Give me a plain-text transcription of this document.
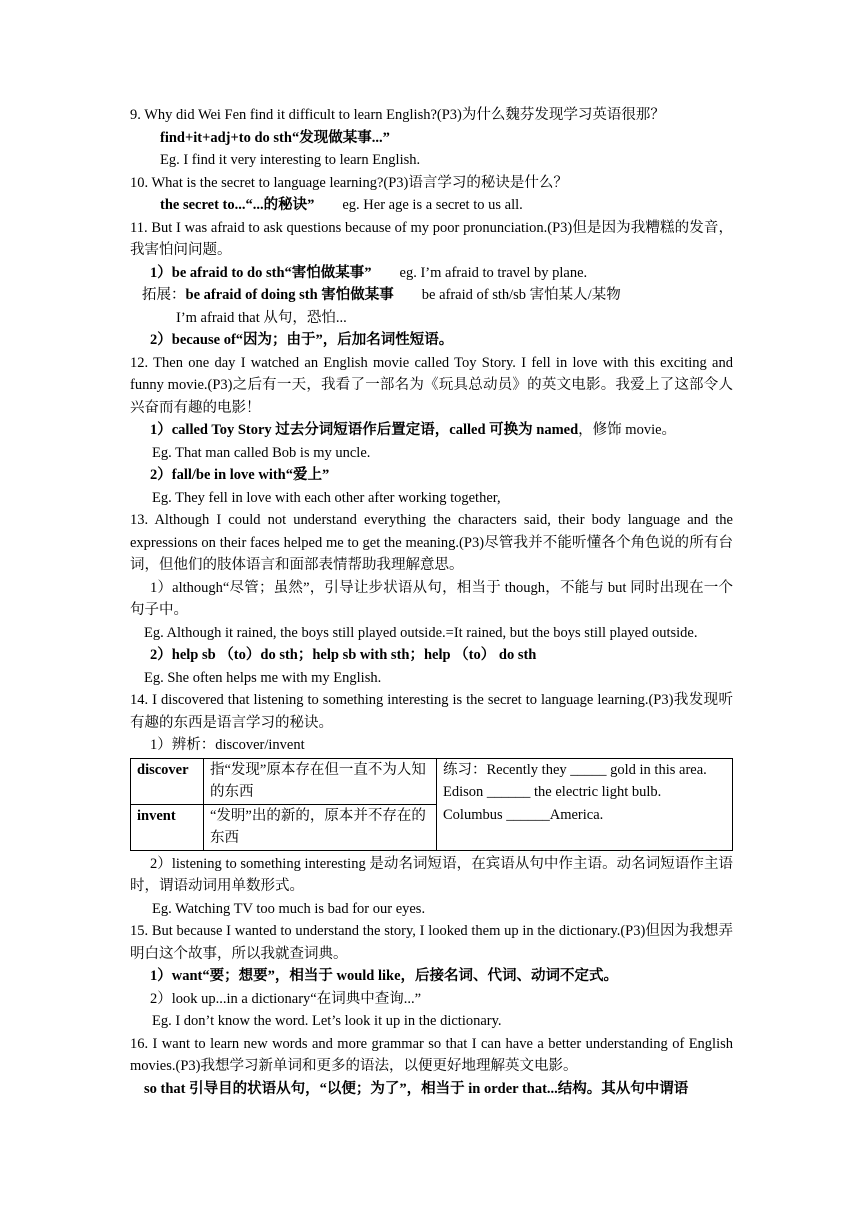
9. Why did Wei Fen find it difficult to learn English?(P3)为什么魏芬发现学习英语很那？
find+it+adj+to do sth“发现做某事...”
Eg. I find it very interesting to learn English.
10. What is the secret to language learning?(P3)语言学习的秘诀是什么？
the secret to...“...的秘诀” eg. Her age is a secret to us all.
11. But I was afraid to ask questions because of my poor pronunciation.(P3)但是因为我糟糕的发音，我害怕问问题。
1）be afraid to do sth“害怕做某事” eg. I’m afraid to travel by plane.
拓展：be afraid of doing sth 害怕做某事 be afraid of sth/sb 害怕某人/某物
I’m afraid that 从句，恐怕...
2）because of“因为；由于”，后加名词性短语。
12. Then one day I watched an English movie called Toy Story. I fell in love with this exciting and funny movie.(P3)之后有一天，我看了一部名为《玩具总动员》的英文电影。我爱上了这部令人兴奋而有趣的电影！
1）called Toy Story 过去分词短语作后置定语，called 可换为 named，修饰 movie。
Eg. That man called Bob is my uncle.
2）fall/be in love with“爱上”
Eg. They fell in love with each other after working together,
13. Although I could not understand everything the characters said, their body language and the expressions on their faces helped me to get the meaning.(P3)尽管我并不能听懂各个角色说的所有台词，但他们的肢体语言和面部表情帮助我理解意思。
1）although“尽管；虽然”，引导让步状语从句，相当于 though，不能与 but 同时出现在一个句子中。
Eg. Although it rained, the boys still played outside.=It rained, but the boys still played outside.
2）help sb （to）do sth；help sb with sth；help （to） do sth
Eg. She often helps me with my English.
14. I discovered that listening to something interesting is the secret to language learning.(P3)我发现听有趣的东西是语言学习的秘诀。
1）辨析：discover/invent
discover	指“发现”原本存在但一直不为人知的东西	练习：Recently they _____ gold in this area.
Edison ______ the electric light bulb.
Columbus ______America.

invent	“发明”出的新的，原本并不存在的东西	
2）listening to something interesting 是动名词短语，在宾语从句中作主语。动名词短语作主语时，谓语动词用单数形式。
Eg. Watching TV too much is bad for our eyes.
15. But because I wanted to understand the story, I looked them up in the dictionary.(P3)但因为我想弄明白这个故事，所以我就查词典。
1）want“要；想要”，相当于 would like，后接名词、代词、动词不定式。
2）look up...in a dictionary“在词典中查询...”
Eg. I don’t know the word. Let’s look it up in the dictionary.
16. I want to learn new words and more grammar so that I can have a better understanding of English movies.(P3)我想学习新单词和更多的语法，以便更好地理解英文电影。
so that 引导目的状语从句，“以便；为了”，相当于 in order that...结构。其从句中谓语
